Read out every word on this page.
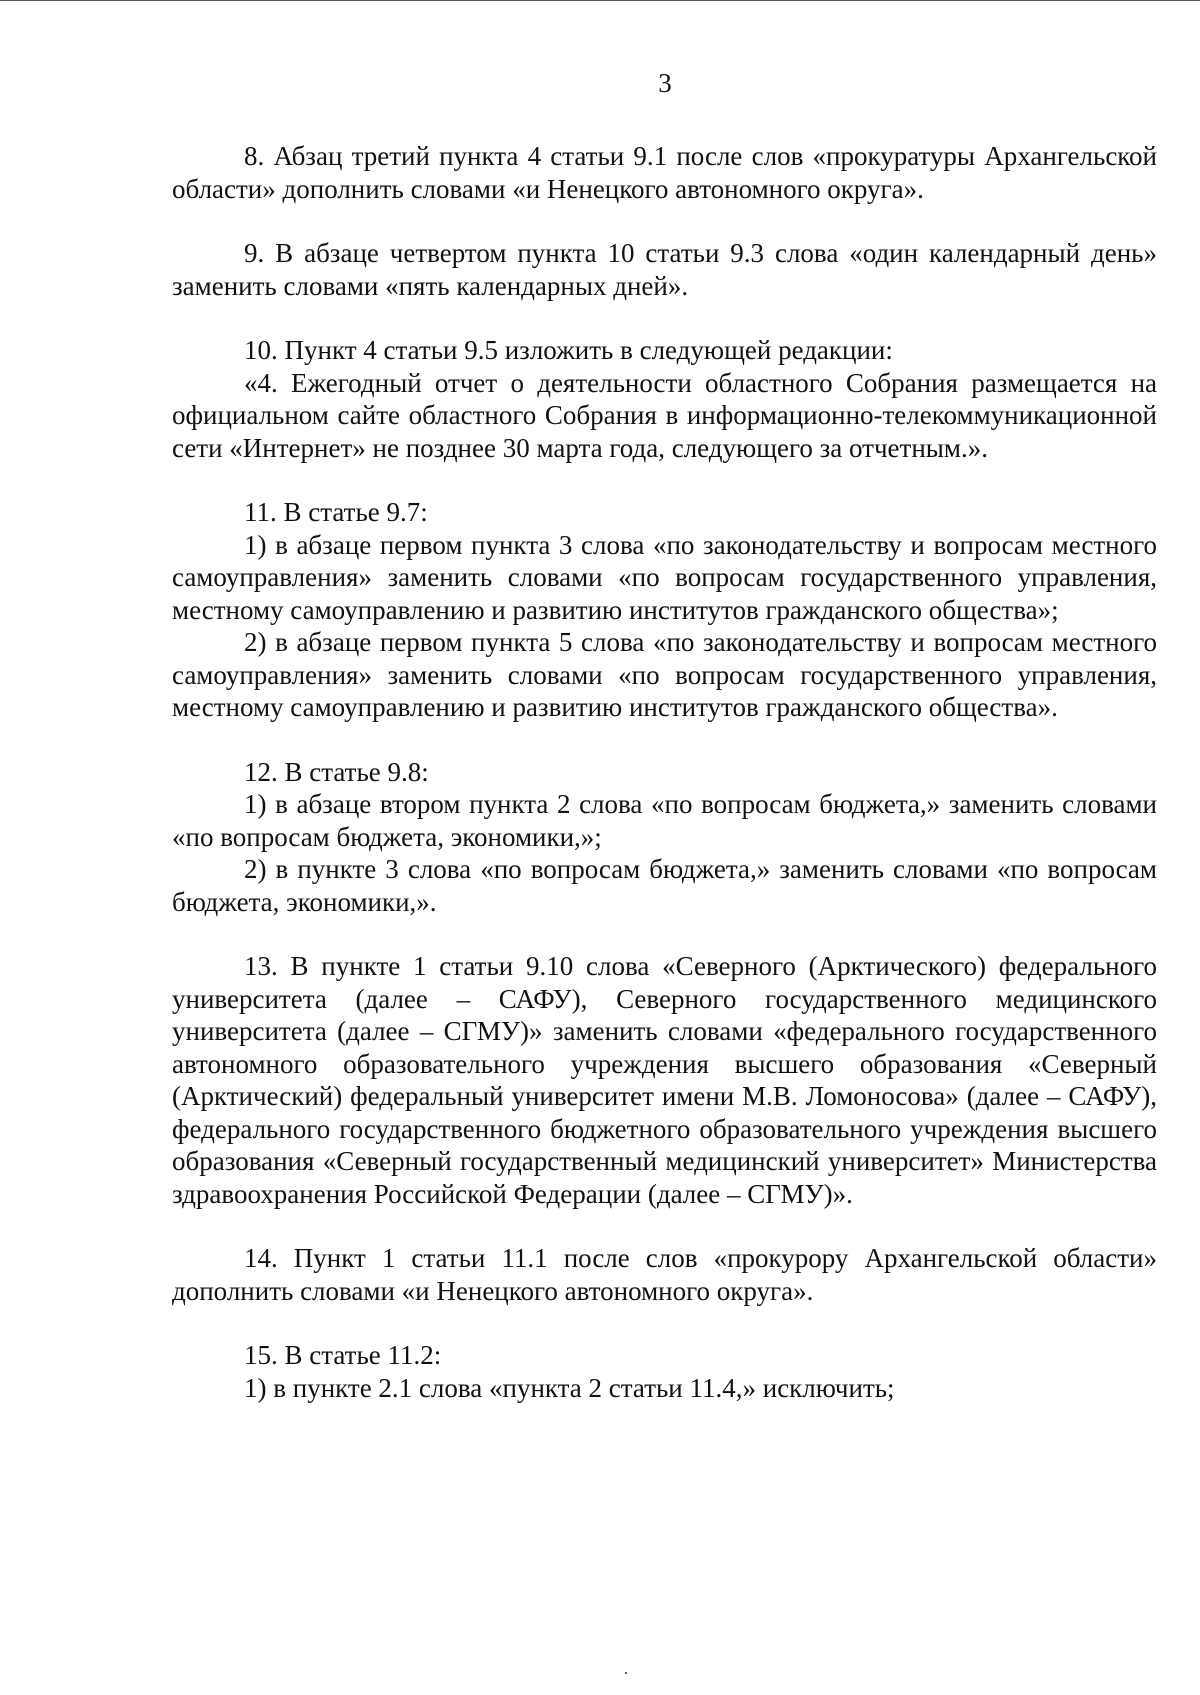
3

8. Абзац третий пункта 4 статьи 9.1 после слов «прокуратуры Архангельской области» дополнить словами «и Ненецкого автономного округа».

9. В абзаце четвертом пункта 10 статьи 9.3 слова «один календарный день» заменить словами «пять календарных дней».

10. Пункт 4 статьи 9.5 изложить в следующей редакции:

«4. Ежегодный отчет о деятельности областного Собрания размещается на официальном сайте областного Собрания в информационно-телекоммуникационной сети «Интернет» не позднее 30 марта года, следующего за отчетным.».

11. В статье 9.7:

1) в абзаце первом пункта 3 слова «по законодательству и вопросам местного самоуправления» заменить словами «по вопросам государственного управления, местному самоуправлению и развитию институтов гражданского общества»;

2) в абзаце первом пункта 5 слова «по законодательству и вопросам местного самоуправления» заменить словами «по вопросам государственного управления, местному самоуправлению и развитию институтов гражданского общества».

12. В статье 9.8:

1) в абзаце втором пункта 2 слова «по вопросам бюджета,» заменить словами «по вопросам бюджета, экономики,»;

2) в пункте 3 слова «по вопросам бюджета,» заменить словами «по вопросам бюджета, экономики,».

13. В пункте 1 статьи 9.10 слова «Северного (Арктического) федерального университета (далее – САФУ), Северного государственного медицинского университета (далее – СГМУ)» заменить словами «федерального государственного автономного образовательного учреждения высшего образования «Северный (Арктический) федеральный университет имени М.В. Ломоносова» (далее – САФУ), федерального государственного бюджетного образовательного учреждения высшего образования «Северный государственный медицинский университет» Министерства здравоохранения Российской Федерации (далее – СГМУ)».

14. Пункт 1 статьи 11.1 после слов «прокурору Архангельской области» дополнить словами «и Ненецкого автономного округа».

15. В статье 11.2:

1) в пункте 2.1 слова «пункта 2 статьи 11.4,» исключить;
